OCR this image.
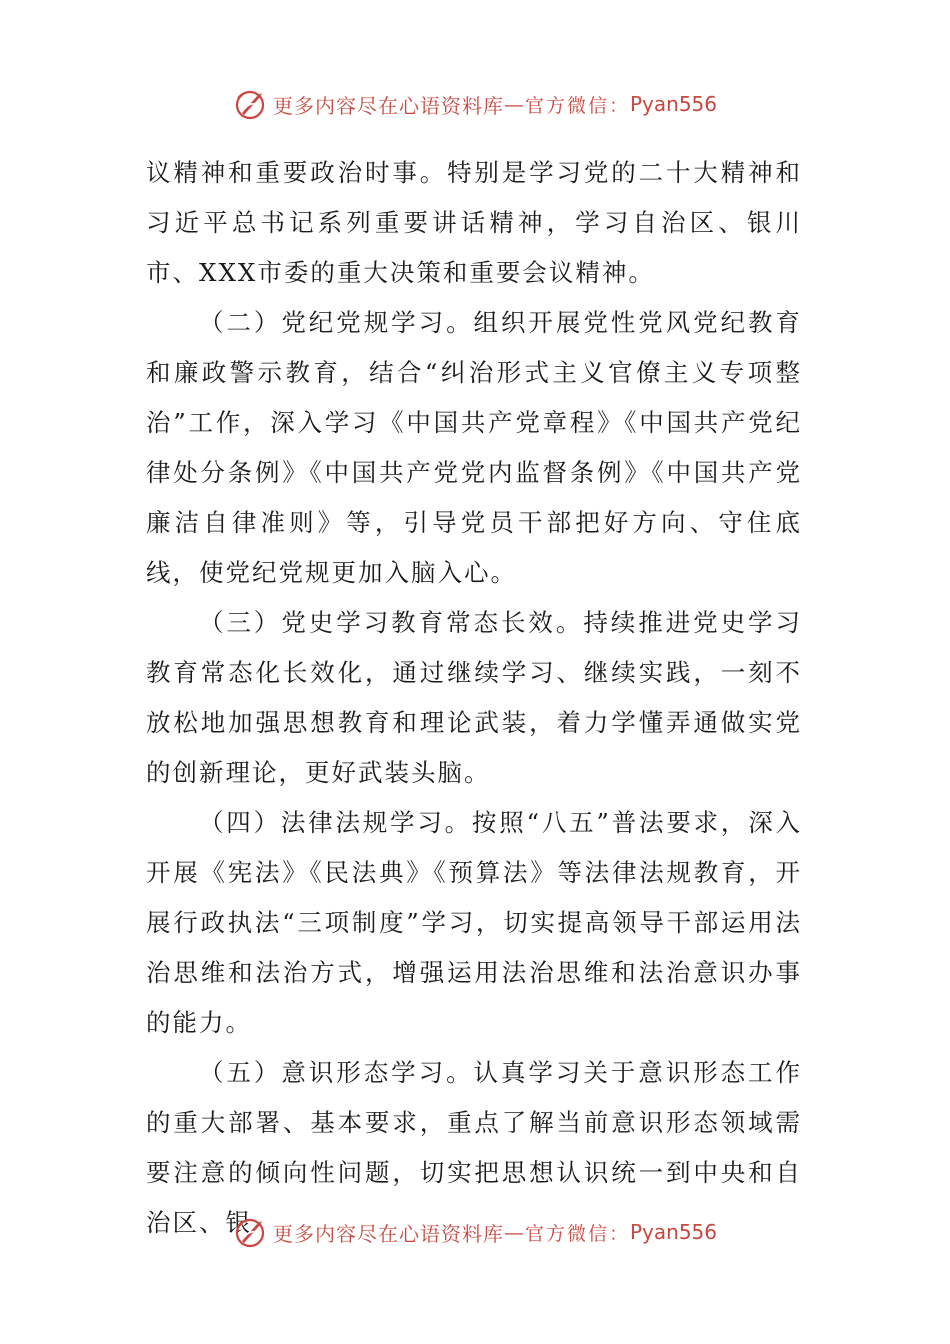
更多内容尽在心语资料库 — 官方微信： Pyan556

议精神和重要政治时事。特别是学习党的二十大精神和习近平总书记系列重要讲话精神，学习自治区、银川市、XXX市委的重大决策和重要会议精神。

（二）党纪党规学习。组织开展党性党风党纪教育和廉政警示教育，结合“纠治形式主义官僚主义专项整治”工作，深入学习《中国共产党章程》《中国共产党纪律处分条例》《中国共产党党内监督条例》《中国共产党廉洁自律准则》等，引导党员干部把好方向、守住底线，使党纪党规更加入脑入心。

（三）党史学习教育常态长效。持续推进党史学习教育常态化长效化，通过继续学习、继续实践，一刻不放松地加强思想教育和理论武装，着力学懂弄通做实党的创新理论，更好武装头脑。

（四）法律法规学习。按照“八五”普法要求，深入开展《宪法》《民法典》《预算法》等法律法规教育，开展行政执法“三项制度”学习，切实提高领导干部运用法治思维和法治方式，增强运用法治思维和法治意识办事的能力。

（五）意识形态学习。认真学习关于意识形态工作的重大部署、基本要求，重点了解当前意识形态领域需要注意的倾向性问题，切实把思想认识统一到中央和自治区、银	更多内容尽在心语资料库 — 官方微信： Pyan556
